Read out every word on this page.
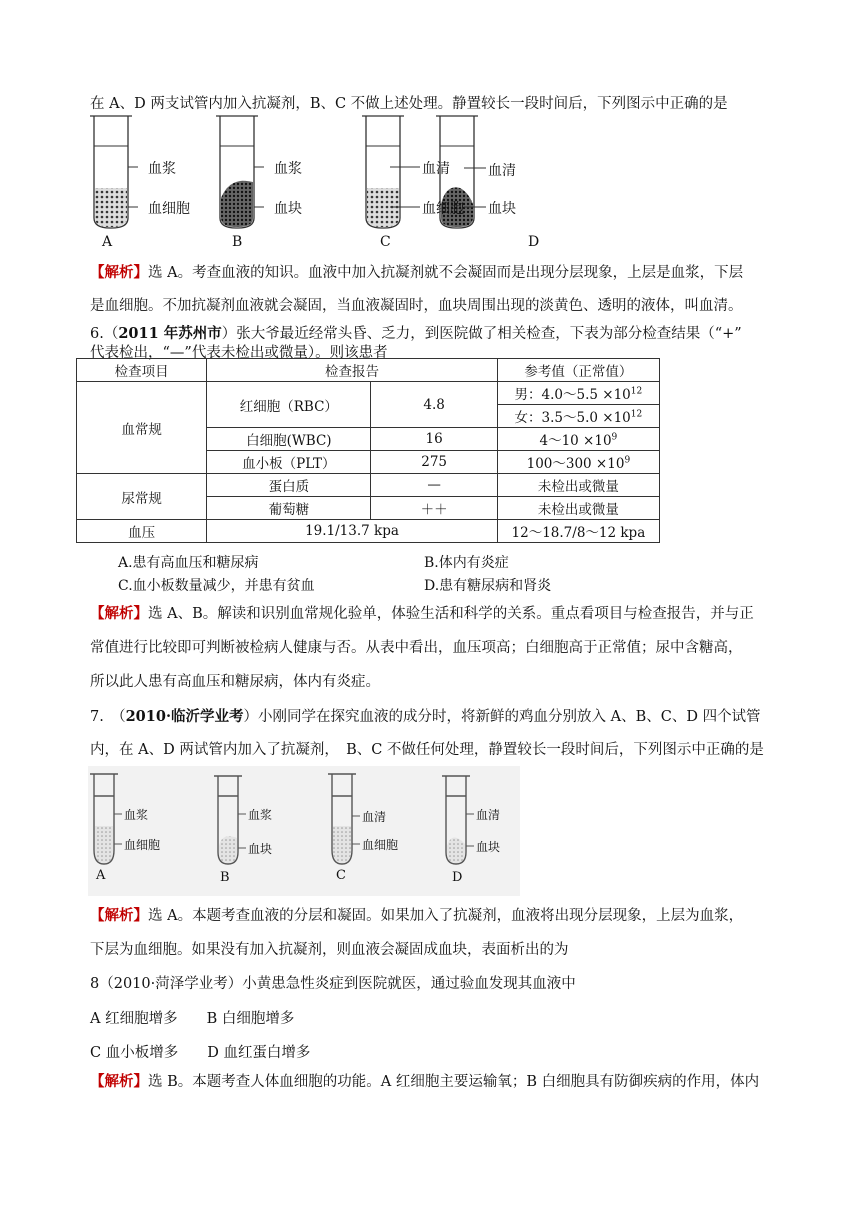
在 A、D 两支试管内加入抗凝剂，B、C 不做上述处理。静置较长一段时间后，下列图示中正确的是
血浆
血细胞
A
血浆
血块
B
血清
血细胞
C
血清
血块
D
【解析】选 A。考查血液的知识。血液中加入抗凝剂就不会凝固而是出现分层现象，上层是血浆，下层
是血细胞。不加抗凝剂血液就会凝固，当血液凝固时，血块周围出现的淡黄色、透明的液体，叫血清。
6.（2011 年苏州市）张大爷最近经常头昏、乏力，到医院做了相关检查，下表为部分检查结果（“+”
代表检出，“—”代表未检出或微量）。则该患者
检查项目	检查报告		参考值（正常值）
血常规	红细胞（RBC）	4.8	男：4.0～5.5 $\times 10^{12}$
			女：3.5～5.0 $\times 10^{12}$
	白细胞(WBC)	16	4～10 $\times 10^9$
	血小板（PLT）	275	100～300 $\times 10^9$
尿常规	蛋白质	—	未检出或微量
	葡萄糖	＋＋	未检出或微量
血压	19.1/13.7 kpa		12～18.7/8～12 kpa
A.患有高血压和糖尿病	B.体内有炎症
C.血小板数量减少，并患有贫血	D.患有糖尿病和肾炎
【解析】选 A、B。解读和识别血常规化验单，体验生活和科学的关系。重点看项目与检查报告，并与正
常值进行比较即可判断被检病人健康与否。从表中看出，血压项高；白细胞高于正常值；尿中含糖高，
所以此人患有高血压和糖尿病，体内有炎症。
7.　（2010·临沂学业考）小刚同学在探究血液的成分时，将新鲜的鸡血分别放入 A、B、C、D 四个试管
内，在 A、D 两试管内加入了抗凝剂，　B、C 不做任何处理，静置较长一段时间后，下列图示中正确的是
血浆
血细胞
A
血浆
血块
B
血清
血细胞
C
血清
血块
D
【解析】选 A。本题考查血液的分层和凝固。如果加入了抗凝剂，血液将出现分层现象，上层为血浆，
下层为血细胞。如果没有加入抗凝剂，则血液会凝固成血块，表面析出的为
8（2010·菏泽学业考）小黄患急性炎症到医院就医，通过验血发现其血液中
A 红细胞增多　　B 白细胞增多
C 血小板增多　　D 血红蛋白增多
【解析】选 B。本题考查人体血细胞的功能。A 红细胞主要运输氧；B 白细胞具有防御疾病的作用，体内
